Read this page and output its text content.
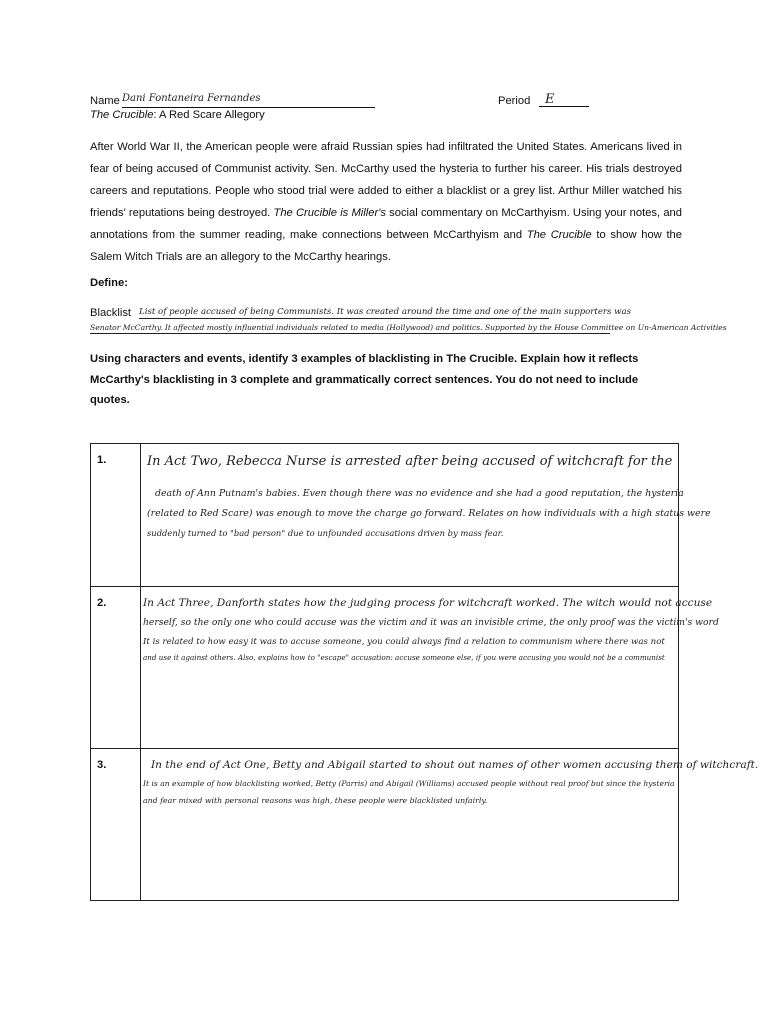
Name Dani Fontaneira Fernandes	Period	E
The Crucible: A Red Scare Allegory

After World War II, the American people were afraid Russian spies had infiltrated the United States. Americans lived in fear of being accused of Communist activity. Sen. McCarthy used the hysteria to further his career. His trials destroyed careers and reputations. People who stood trial were added to either a blacklist or a grey list. Arthur Miller watched his friends' reputations being destroyed. The Crucible is Miller's social commentary on McCarthyism. Using your notes, and annotations from the summer reading, make connections between McCarthyism and The Crucible to show how the Salem Witch Trials are an allegory to the McCarthy hearings.

Define:
Blacklist List of people accused of being Communists. It was created around the time and one of the main supporters was
Senator McCarthy. It affected mostly influential individuals related to media (Hollywood) and politics. Supported by the House Committee on Un-American Activities

Using characters and events, identify 3 examples of blacklisting in The Crucible. Explain how it reflects McCarthy's blacklisting in 3 complete and grammatically correct sentences. You do not need to include quotes.

1.	In Act Two, Rebecca Nurse is arrested after being accused of witchcraft for the
death of Ann Putnam's babies. Even though there was no evidence and she had a good reputation, the hysteria
(related to Red Scare) was enough to move the charge go forward. Relates on how individuals with a high status were
suddenly turned to "bad person" due to unfounded accusations driven by mass fear.
2.	In Act Three, Danforth states how the judging process for witchcraft worked. The witch would not accuse
herself, so the only one who could accuse was the victim and it was an invisible crime, the only proof was the victim's word
It is related to how easy it was to accuse someone, you could always find a relation to communism where there was not
and use it against others. Also, explains how to "escape" accusation: accuse someone else, if you were accusing you would not be a communist
3.	In the end of Act One, Betty and Abigail started to shout out names of other women accusing them of witchcraft.
It is an example of how blacklisting worked, Betty (Parris) and Abigail (Williams) accused people without real proof but since the hysteria
and fear mixed with personal reasons was high, these people were blacklisted unfairly.
